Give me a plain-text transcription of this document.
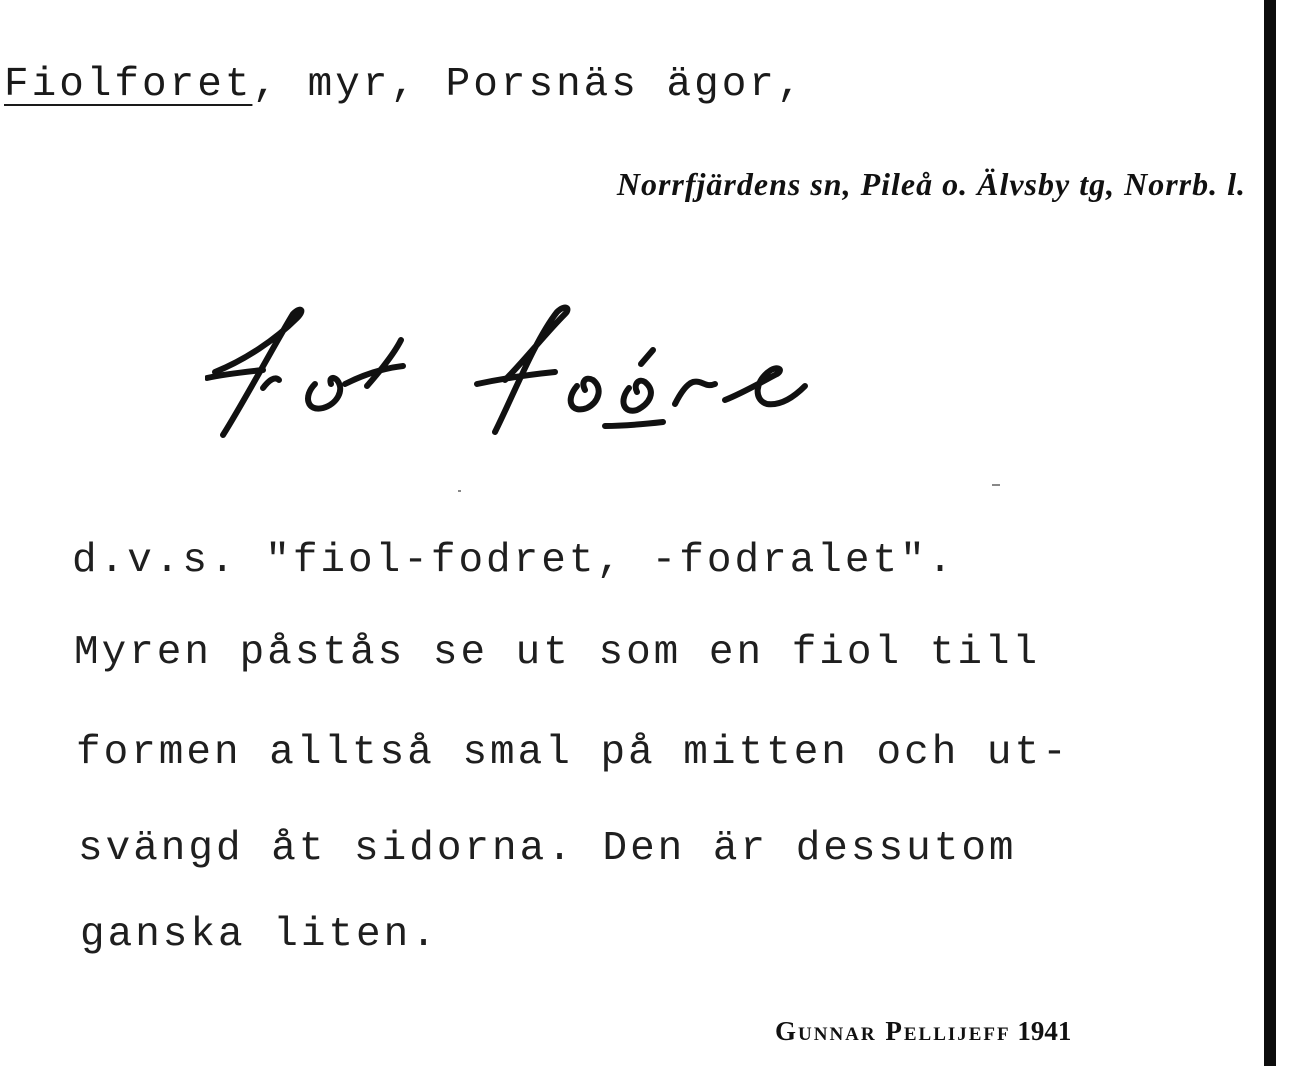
Fiolforet, myr, Porsnäs ägor,
Norrfjärdens sn, Pileå o. Älvsby tg, Norrb. l.
d.v.s. "fiol-fodret, -fodralet".
Myren påstås se ut som en fiol till
formen alltså smal på mitten och ut-
svängd åt sidorna. Den är dessutom
ganska liten.
Gunnar Pellijeff 1941
